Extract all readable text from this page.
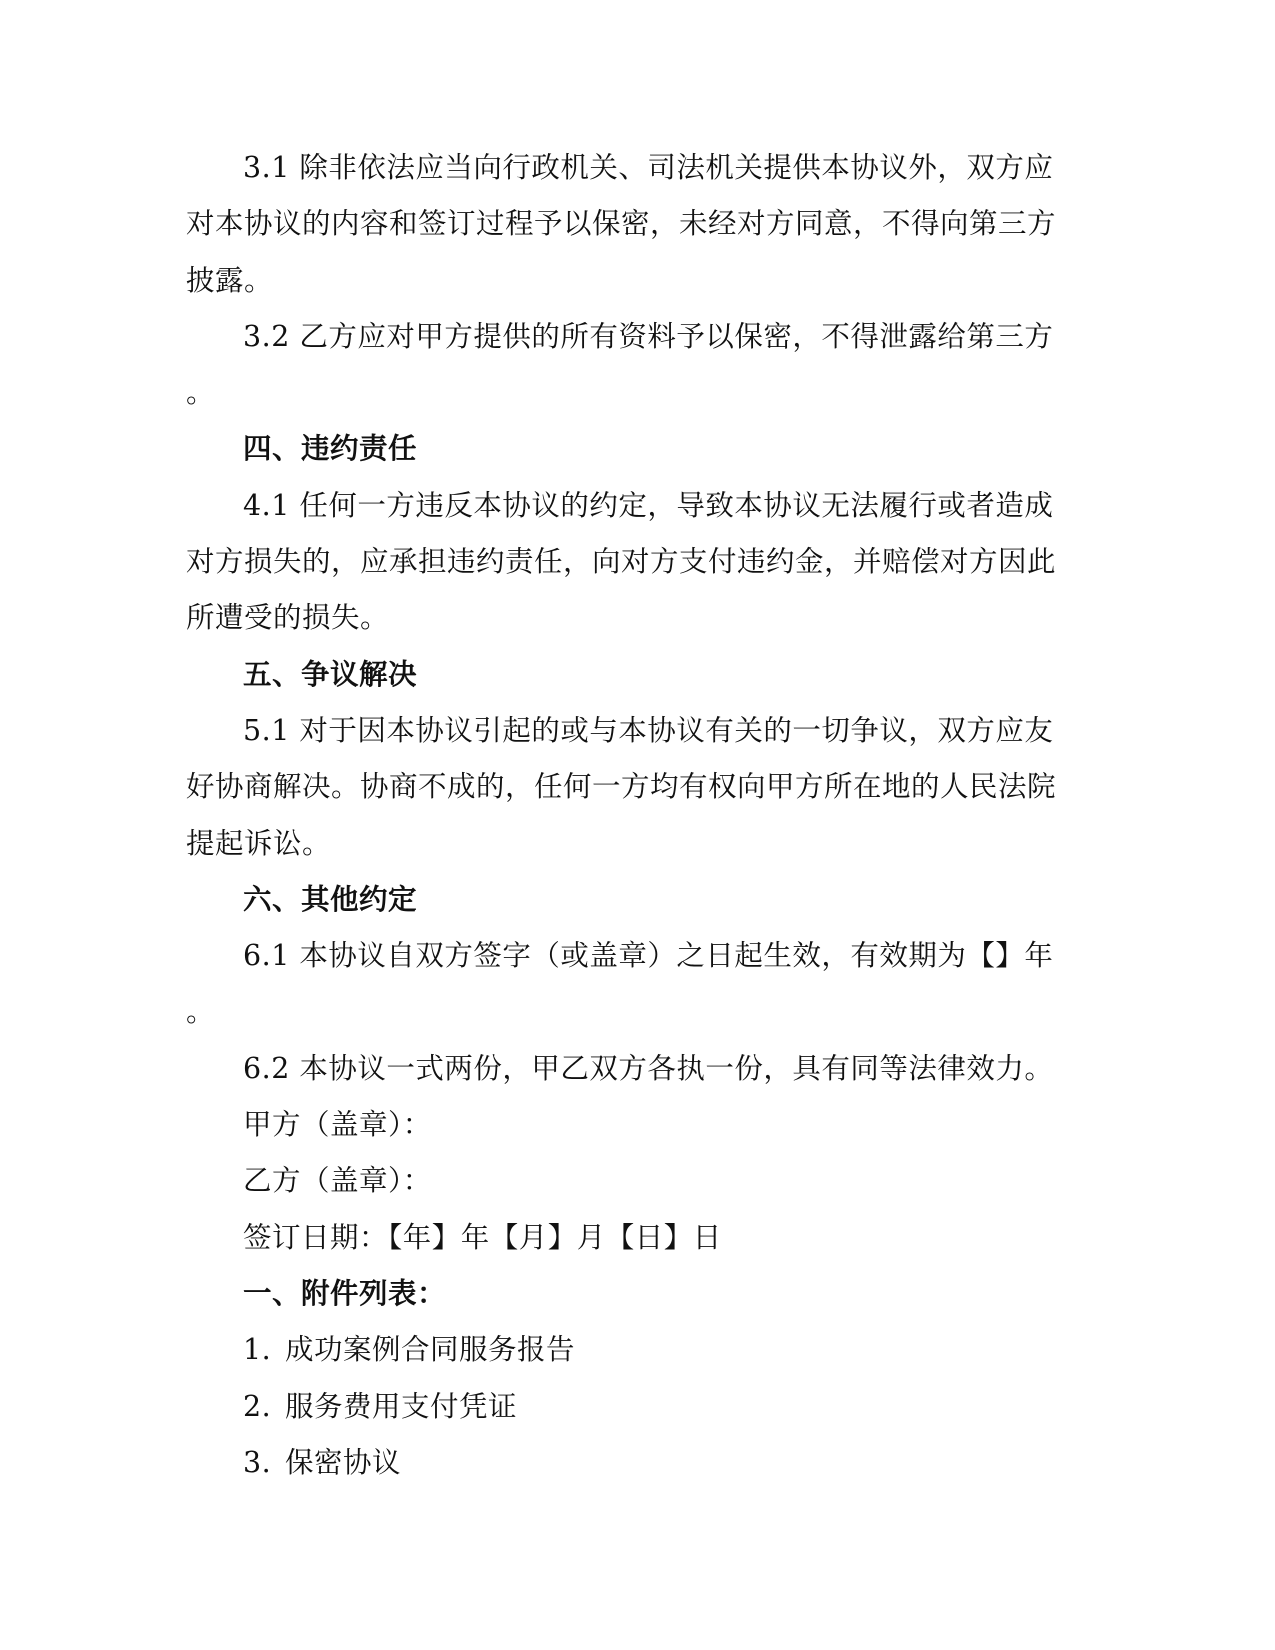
3.1 除非依法应当向行政机关、司法机关提供本协议外，双方应

对本协议的内容和签订过程予以保密，未经对方同意，不得向第三方

披露。

3.2 乙方应对甲方提供的所有资料予以保密，不得泄露给第三方

。

四、违约责任

4.1 任何一方违反本协议的约定，导致本协议无法履行或者造成

对方损失的，应承担违约责任，向对方支付违约金，并赔偿对方因此

所遭受的损失。

五、争议解决

5.1 对于因本协议引起的或与本协议有关的一切争议，双方应友

好协商解决。协商不成的，任何一方均有权向甲方所在地的人民法院

提起诉讼。

六、其他约定

6.1 本协议自双方签字（或盖章）之日起生效，有效期为【】年

。

6.2 本协议一式两份，甲乙双方各执一份，具有同等法律效力。

甲方（盖章）：

乙方（盖章）：

签订日期：【年】年【月】月【日】日

一、附件列表：

1. 成功案例合同服务报告

2. 服务费用支付凭证

3. 保密协议
